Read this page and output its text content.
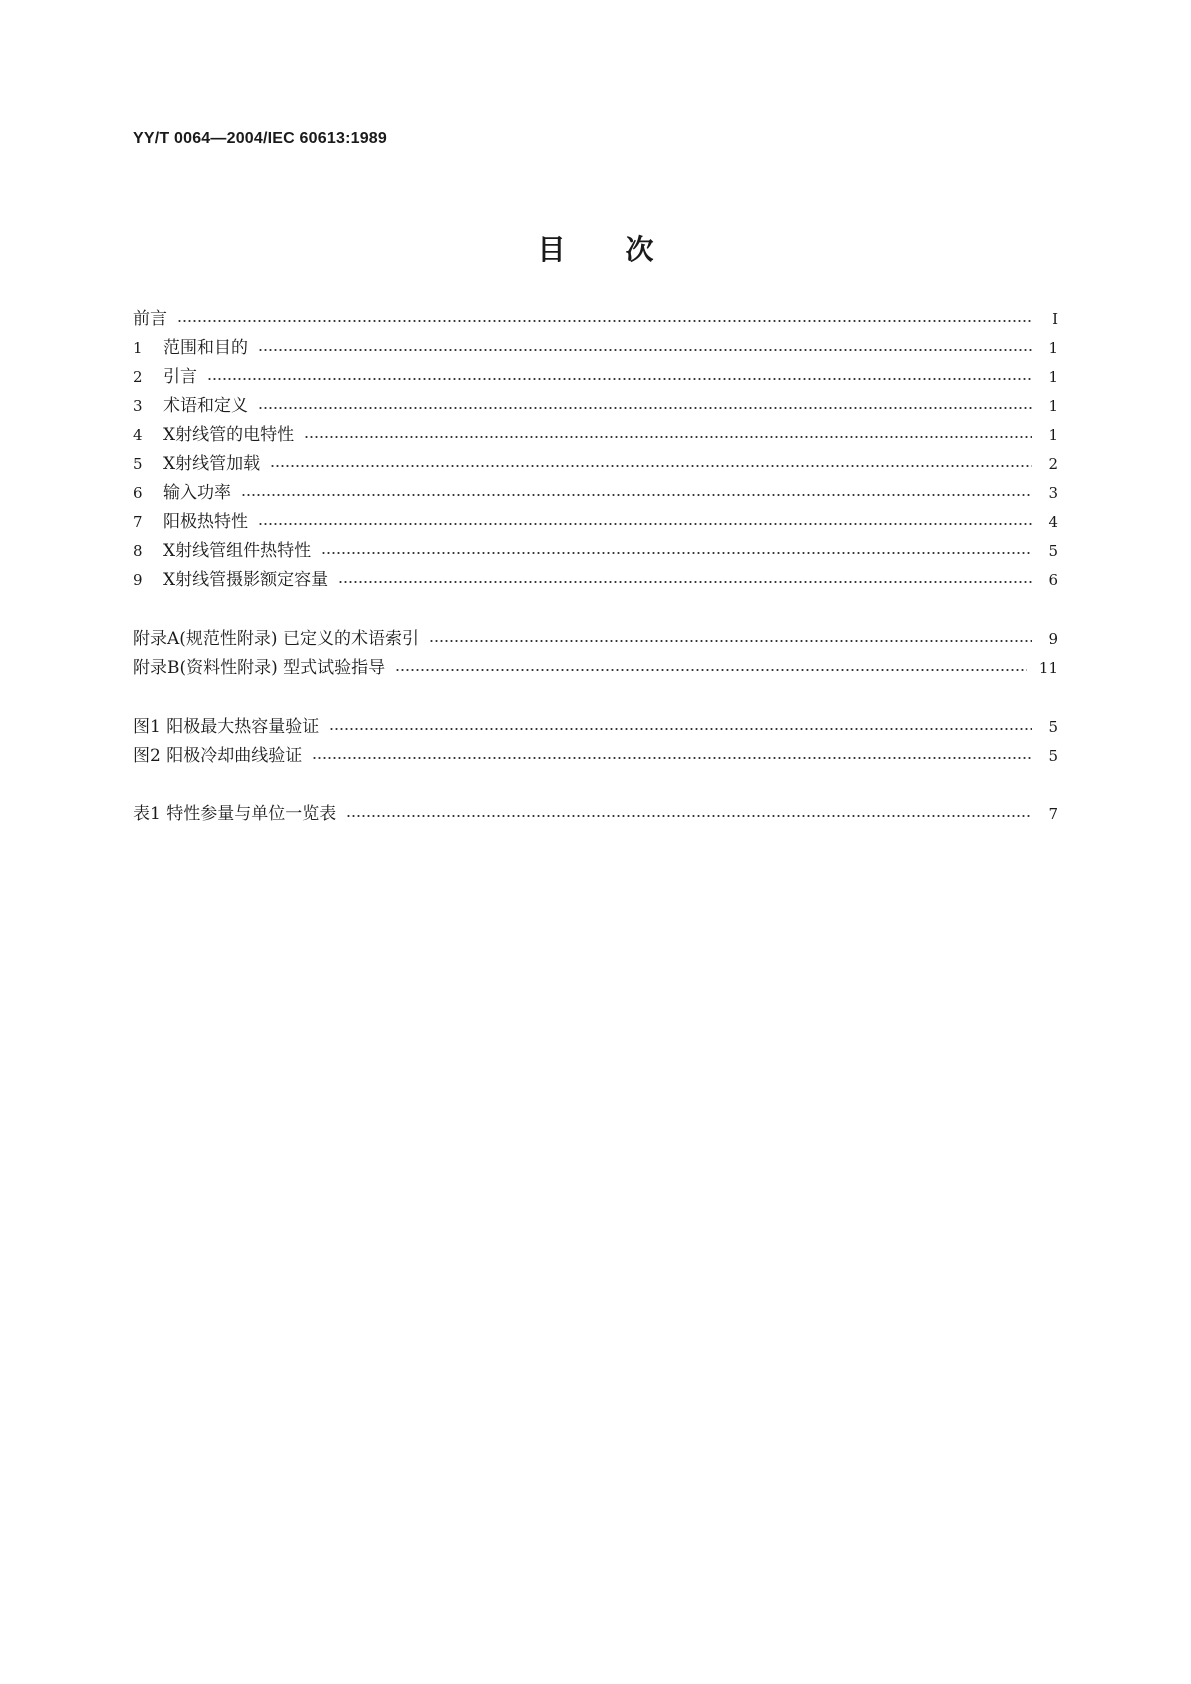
YY/T 0064—2004/IEC 60613:1989
目次
前言	I
1	范围和目的	1
2	引言	1
3	术语和定义	1
4	X射线管的电特性	1
5	X射线管加载	2
6	输入功率	3
7	阳极热特性	4
8	X射线管组件热特性	5
9	X射线管摄影额定容量	6
附录A(规范性附录) 已定义的术语索引	9
附录B(资料性附录) 型式试验指导	11
图1 阳极最大热容量验证	5
图2 阳极冷却曲线验证	5
表1 特性参量与单位一览表	7
